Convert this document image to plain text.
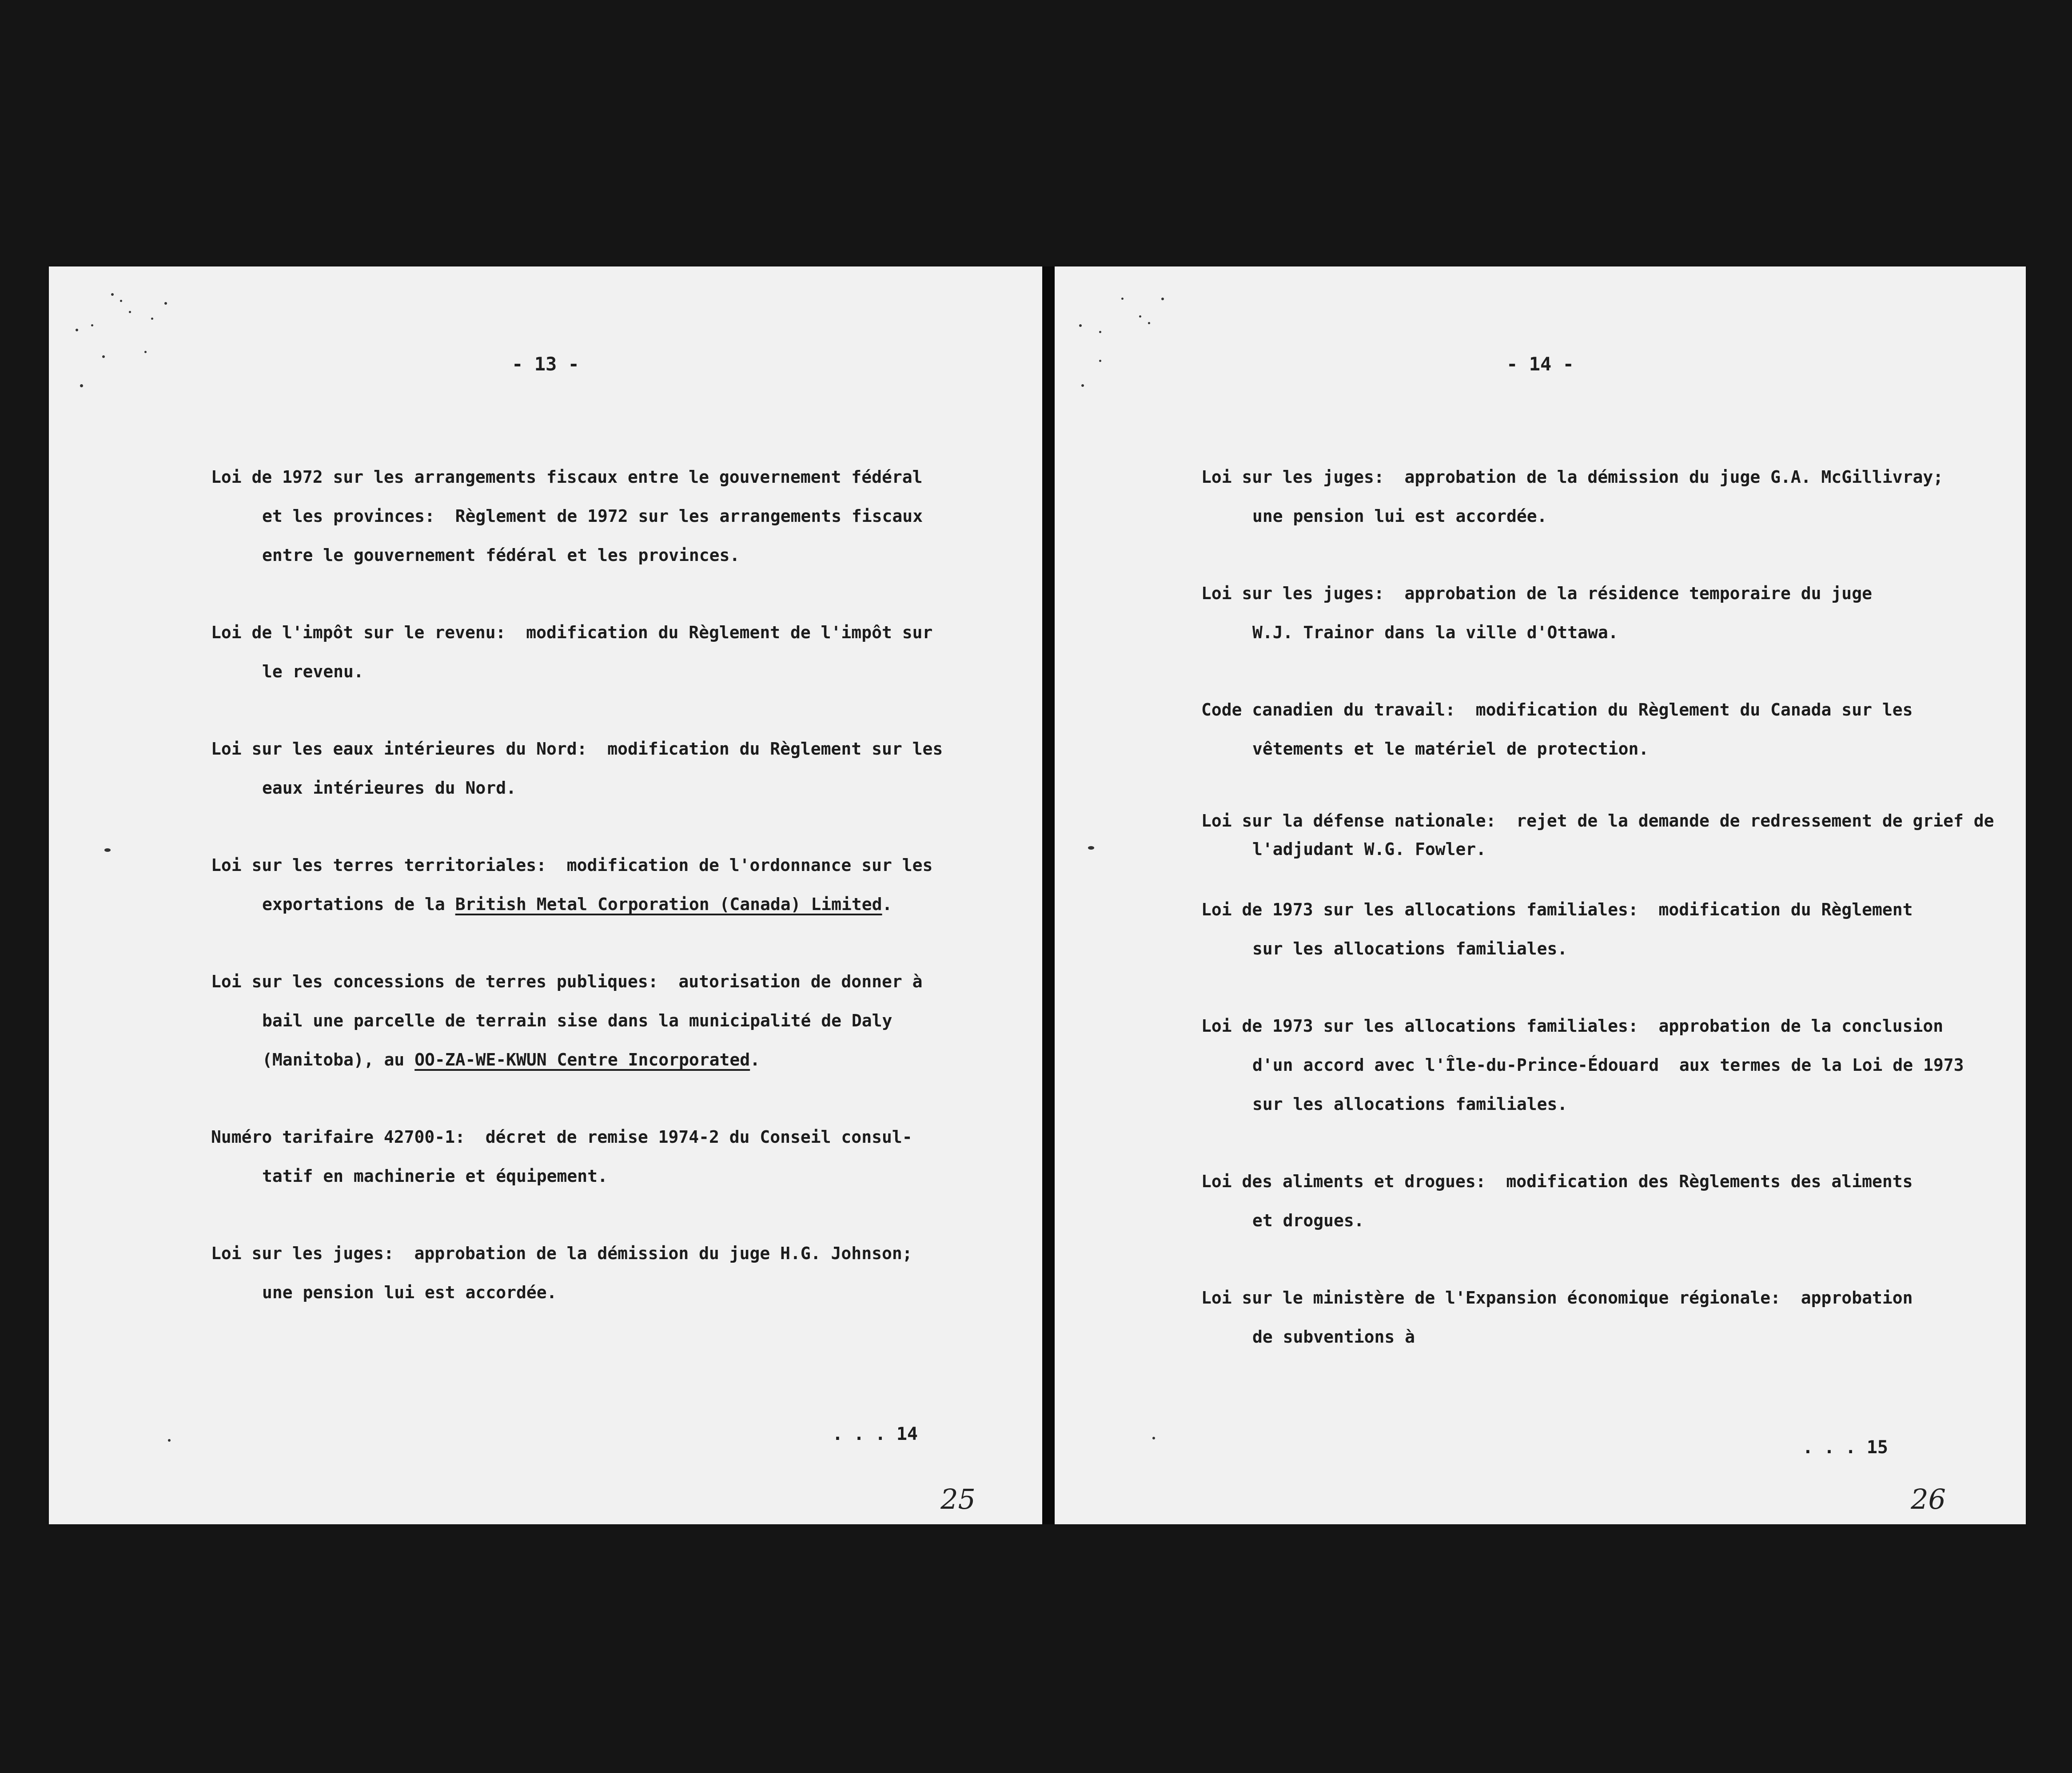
- 13 -
Loi de 1972 sur les arrangements fiscaux entre le gouvernement fédéral
et les provinces:  Règlement de 1972 sur les arrangements fiscaux
entre le gouvernement fédéral et les provinces.
Loi de l'impôt sur le revenu:  modification du Règlement de l'impôt sur
le revenu.
Loi sur les eaux intérieures du Nord:  modification du Règlement sur les
eaux intérieures du Nord.
Loi sur les terres territoriales:  modification de l'ordonnance sur les
exportations de la British Metal Corporation (Canada) Limited.
Loi sur les concessions de terres publiques:  autorisation de donner à
bail une parcelle de terrain sise dans la municipalité de Daly
(Manitoba), au OO-ZA-WE-KWUN Centre Incorporated.
Numéro tarifaire 42700-1:  décret de remise 1974-2 du Conseil consul-
tatif en machinerie et équipement.
Loi sur les juges:  approbation de la démission du juge H.G. Johnson;
une pension lui est accordée.
. . . 14
25
- 14 -
Loi sur les juges:  approbation de la démission du juge G.A. McGillivray;
une pension lui est accordée.
Loi sur les juges:  approbation de la résidence temporaire du juge
W.J. Trainor dans la ville d'Ottawa.
Code canadien du travail:  modification du Règlement du Canada sur les
vêtements et le matériel de protection.
Loi sur la défense nationale:  rejet de la demande de redressement de grief de
l'adjudant W.G. Fowler.
Loi de 1973 sur les allocations familiales:  modification du Règlement
sur les allocations familiales.
Loi de 1973 sur les allocations familiales:  approbation de la conclusion
d'un accord avec l'Île-du-Prince-Édouard  aux termes de la Loi de 1973
sur les allocations familiales.
Loi des aliments et drogues:  modification des Règlements des aliments
et drogues.
Loi sur le ministère de l'Expansion économique régionale:  approbation
de subventions à
. . . 15
26
